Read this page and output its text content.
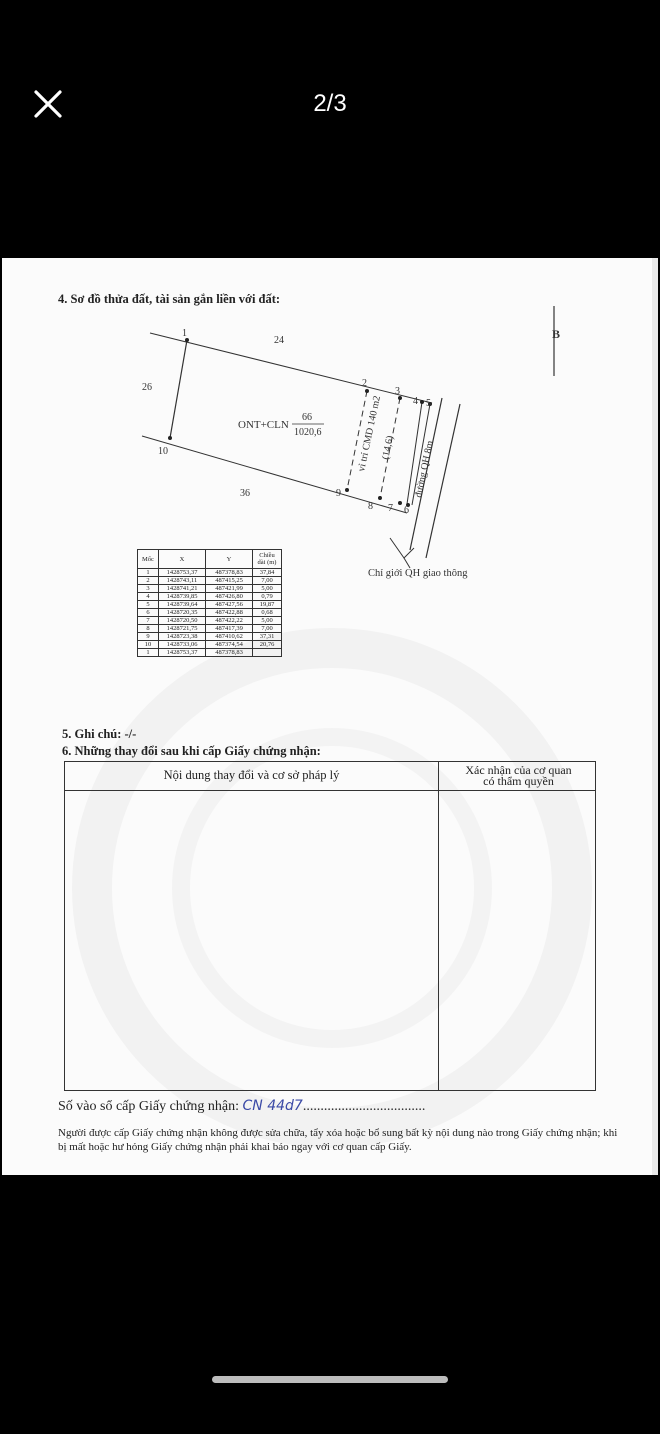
2/3
4. Sơ đồ thửa đất, tài sản gắn liền với đất:
B
1
2
3
4 5
6
7
8
9
10
24
26
36
ONT+CLN
66
1020,6	vỉ trí CMD 140 m2
(14,6) đường QH 8m
Chỉ giới QH giao thông
Mốc	X	Y	Chiều dài (m)
1	1428753,37	487378,83	37,84
2	1428743,11	487415,25	7,00
3	1428741,21	487421,99	5,00
4	1428739,85	487426,80	0,79
5	1428739,64	487427,56	19,87
6	1428720,35	487422,88	0,68
7	1428720,50	487422,22	5,00
8	1428721,75	487417,39	7,00
9	1428723,38	487410,62	37,31
10	1428733,06	487374,54	20,76
1	1428753,37	487378,83	
5. Ghi chú: -/-
6. Những thay đổi sau khi cấp Giấy chứng nhận:
Nội dung thay đổi và cơ sở pháp lý	Xác nhận của cơ quan
có thẩm quyền
Số vào sổ cấp Giấy chứng nhận: CN 44d7...................................
Người được cấp Giấy chứng nhận không được sửa chữa, tẩy xóa hoặc bổ sung bất kỳ nội dung nào trong Giấy chứng nhận; khi bị mất hoặc hư hỏng Giấy chứng nhận phải khai báo ngay với cơ quan cấp Giấy.
